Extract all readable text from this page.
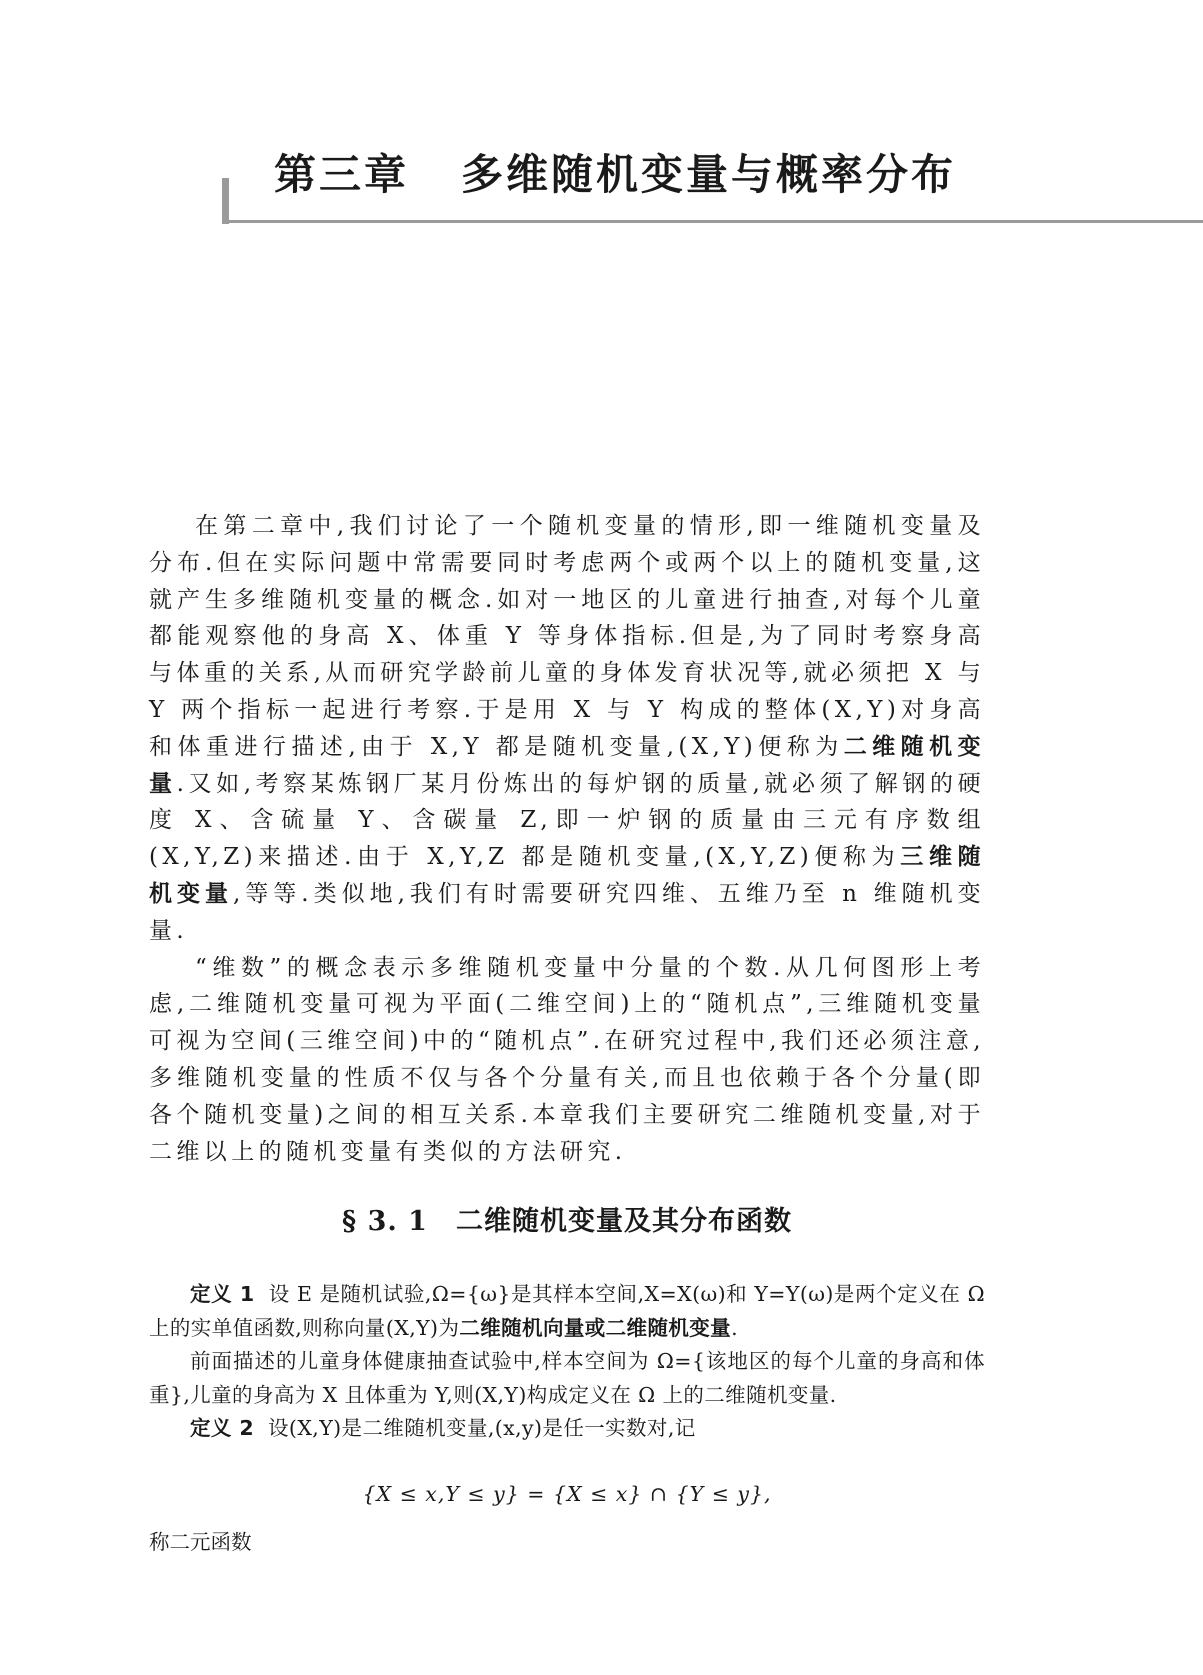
第三章 多维随机变量与概率分布

在第二章中,我们讨论了一个随机变量的情形,即一维随机变量及分布.但在实际问题中常需要同时考虑两个或两个以上的随机变量,这就产生多维随机变量的概念.如对一地区的儿童进行抽查,对每个儿童都能观察他的身高 X、体重 Y 等身体指标.但是,为了同时考察身高与体重的关系,从而研究学龄前儿童的身体发育状况等,就必须把 X 与 Y 两个指标一起进行考察.于是用 X 与 Y 构成的整体(X,Y)对身高和体重进行描述,由于 X,Y 都是随机变量,(X,Y)便称为二维随机变量.又如,考察某炼钢厂某月份炼出的每炉钢的质量,就必须了解钢的硬度 X、含硫量 Y、含碳量 Z,即一炉钢的质量由三元有序数组(X,Y,Z)来描述.由于 X,Y,Z 都是随机变量,(X,Y,Z)便称为三维随机变量,等等.类似地,我们有时需要研究四维、五维乃至 n 维随机变量.

“维数”的概念表示多维随机变量中分量的个数.从几何图形上考虑,二维随机变量可视为平面(二维空间)上的“随机点”,三维随机变量可视为空间(三维空间)中的“随机点”.在研究过程中,我们还必须注意,多维随机变量的性质不仅与各个分量有关,而且也依赖于各个分量(即各个随机变量)之间的相互关系.本章我们主要研究二维随机变量,对于二维以上的随机变量有类似的方法研究.

§ 3. 1 二维随机变量及其分布函数

定义 1 设 E 是随机试验,Ω={ω}是其样本空间,X=X(ω)和 Y=Y(ω)是两个定义在 Ω 上的实单值函数,则称向量(X,Y)为二维随机向量或二维随机变量.

前面描述的儿童身体健康抽查试验中,样本空间为 Ω={该地区的每个儿童的身高和体重},儿童的身高为 X 且体重为 Y,则(X,Y)构成定义在 Ω 上的二维随机变量.

定义 2 设(X,Y)是二维随机变量,(x,y)是任一实数对,记

{X ≤ x,Y ≤ y} = {X ≤ x} ∩ {Y ≤ y},
称二元函数
